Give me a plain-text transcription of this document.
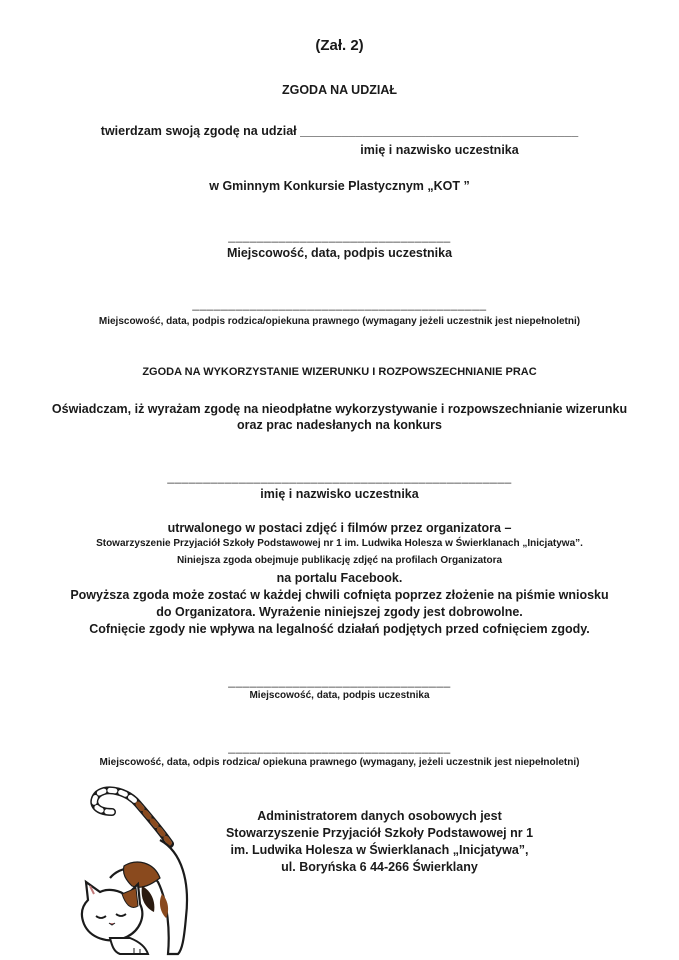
(Zał. 2)
ZGODA NA UDZIAŁ
twierdzam swoją zgodę na udział ________________________________________
imię i nazwisko uczestnika
w Gminnym Konkursie Plastycznym „KOT ”
_______________________________
Miejscowość, data, podpis uczestnika
_________________________________________
Miejscowość, data, podpis rodzica/opiekuna prawnego (wymagany jeżeli uczestnik jest niepełnoletni)
ZGODA NA WYKORZYSTANIE WIZERUNKU I ROZPOWSZECHNIANIE PRAC
Oświadczam, iż wyrażam zgodę na nieodpłatne wykorzystywanie i rozpowszechnianie wizerunku
oraz prac nadesłanych na konkurs
________________________________________________
imię i nazwisko uczestnika
utrwalonego w postaci zdjęć i filmów przez organizatora –
Stowarzyszenie Przyjaciół Szkoły Podstawowej nr 1 im. Ludwika Holesza w Świerklanach „Inicjatywa”.
Niniejsza zgoda obejmuje publikację zdjęć na profilach Organizatora
na portalu Facebook.
Powyższa zgoda może zostać w każdej chwili cofnięta poprzez złożenie na piśmie wniosku
do Organizatora. Wyrażenie niniejszej zgody jest dobrowolne.
Cofnięcie zgody nie wpływa na legalność działań podjętych przed cofnięciem zgody.
_______________________________
Miejscowość, data, podpis uczestnika
_______________________________
Miejscowość, data, odpis rodzica/ opiekuna prawnego (wymagany, jeżeli uczestnik jest niepełnoletni)
Administratorem danych osobowych jest
Stowarzyszenie Przyjaciół Szkoły Podstawowej nr 1
im. Ludwika Holesza w Świerklanach „Inicjatywa”,
ul. Boryńska 6 44-266 Świerklany
